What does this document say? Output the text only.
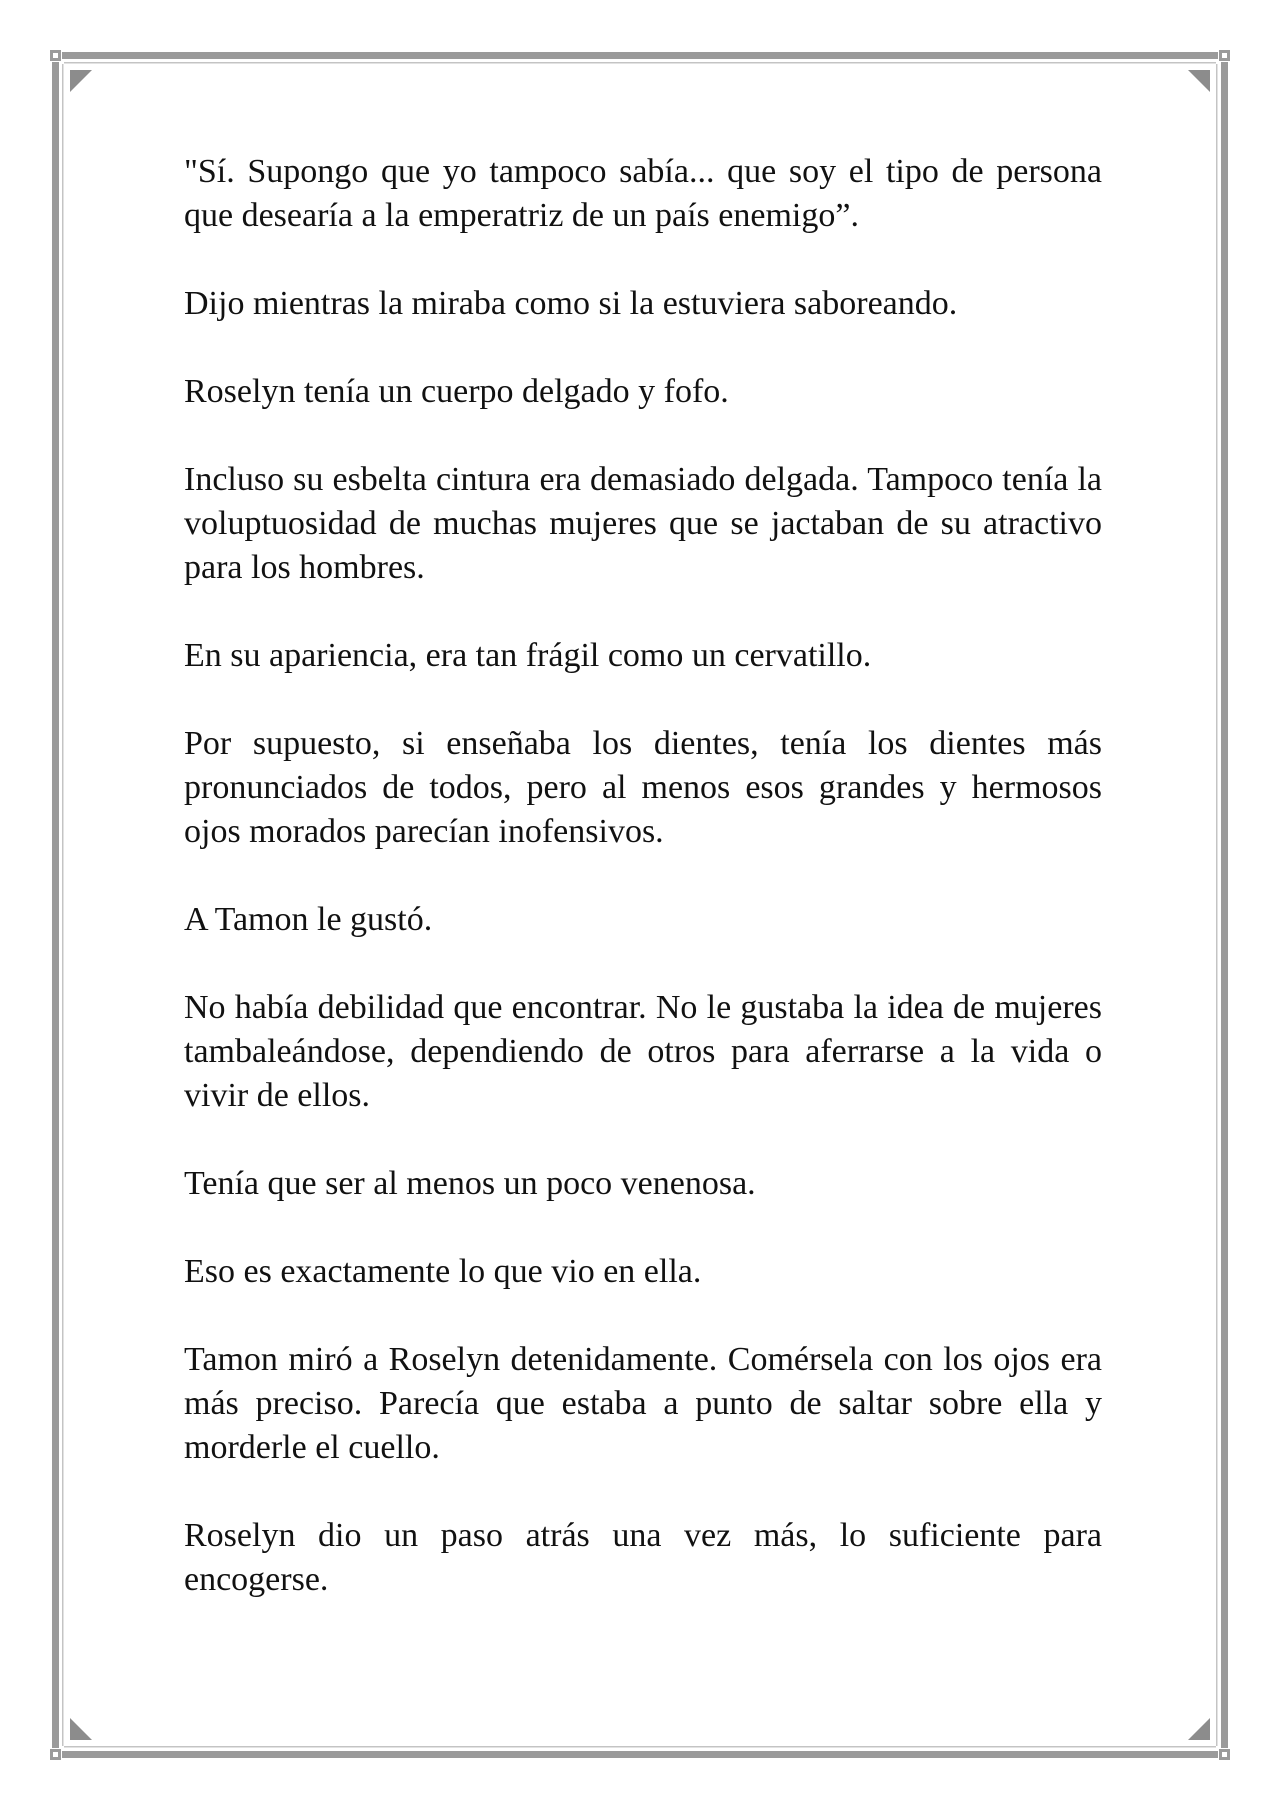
"Sí. Supongo que yo tampoco sabía... que soy el tipo de persona que desearía a la emperatriz de un país enemigo”.

Dijo mientras la miraba como si la estuviera saboreando.

Roselyn tenía un cuerpo delgado y fofo.

Incluso su esbelta cintura era demasiado delgada. Tampoco tenía la voluptuosidad de muchas mujeres que se jactaban de su atractivo para los hombres.

En su apariencia, era tan frágil como un cervatillo.

Por supuesto, si enseñaba los dientes, tenía los dientes más pronunciados de todos, pero al menos esos grandes y hermosos ojos morados parecían inofensivos.

A Tamon le gustó.

No había debilidad que encontrar. No le gustaba la idea de mujeres tambaleándose, dependiendo de otros para aferrarse a la vida o vivir de ellos.

Tenía que ser al menos un poco venenosa.

Eso es exactamente lo que vio en ella.

Tamon miró a Roselyn detenidamente. Comérsela con los ojos era más preciso. Parecía que estaba a punto de saltar sobre ella y morderle el cuello.

Roselyn dio un paso atrás una vez más, lo suficiente para encogerse.
